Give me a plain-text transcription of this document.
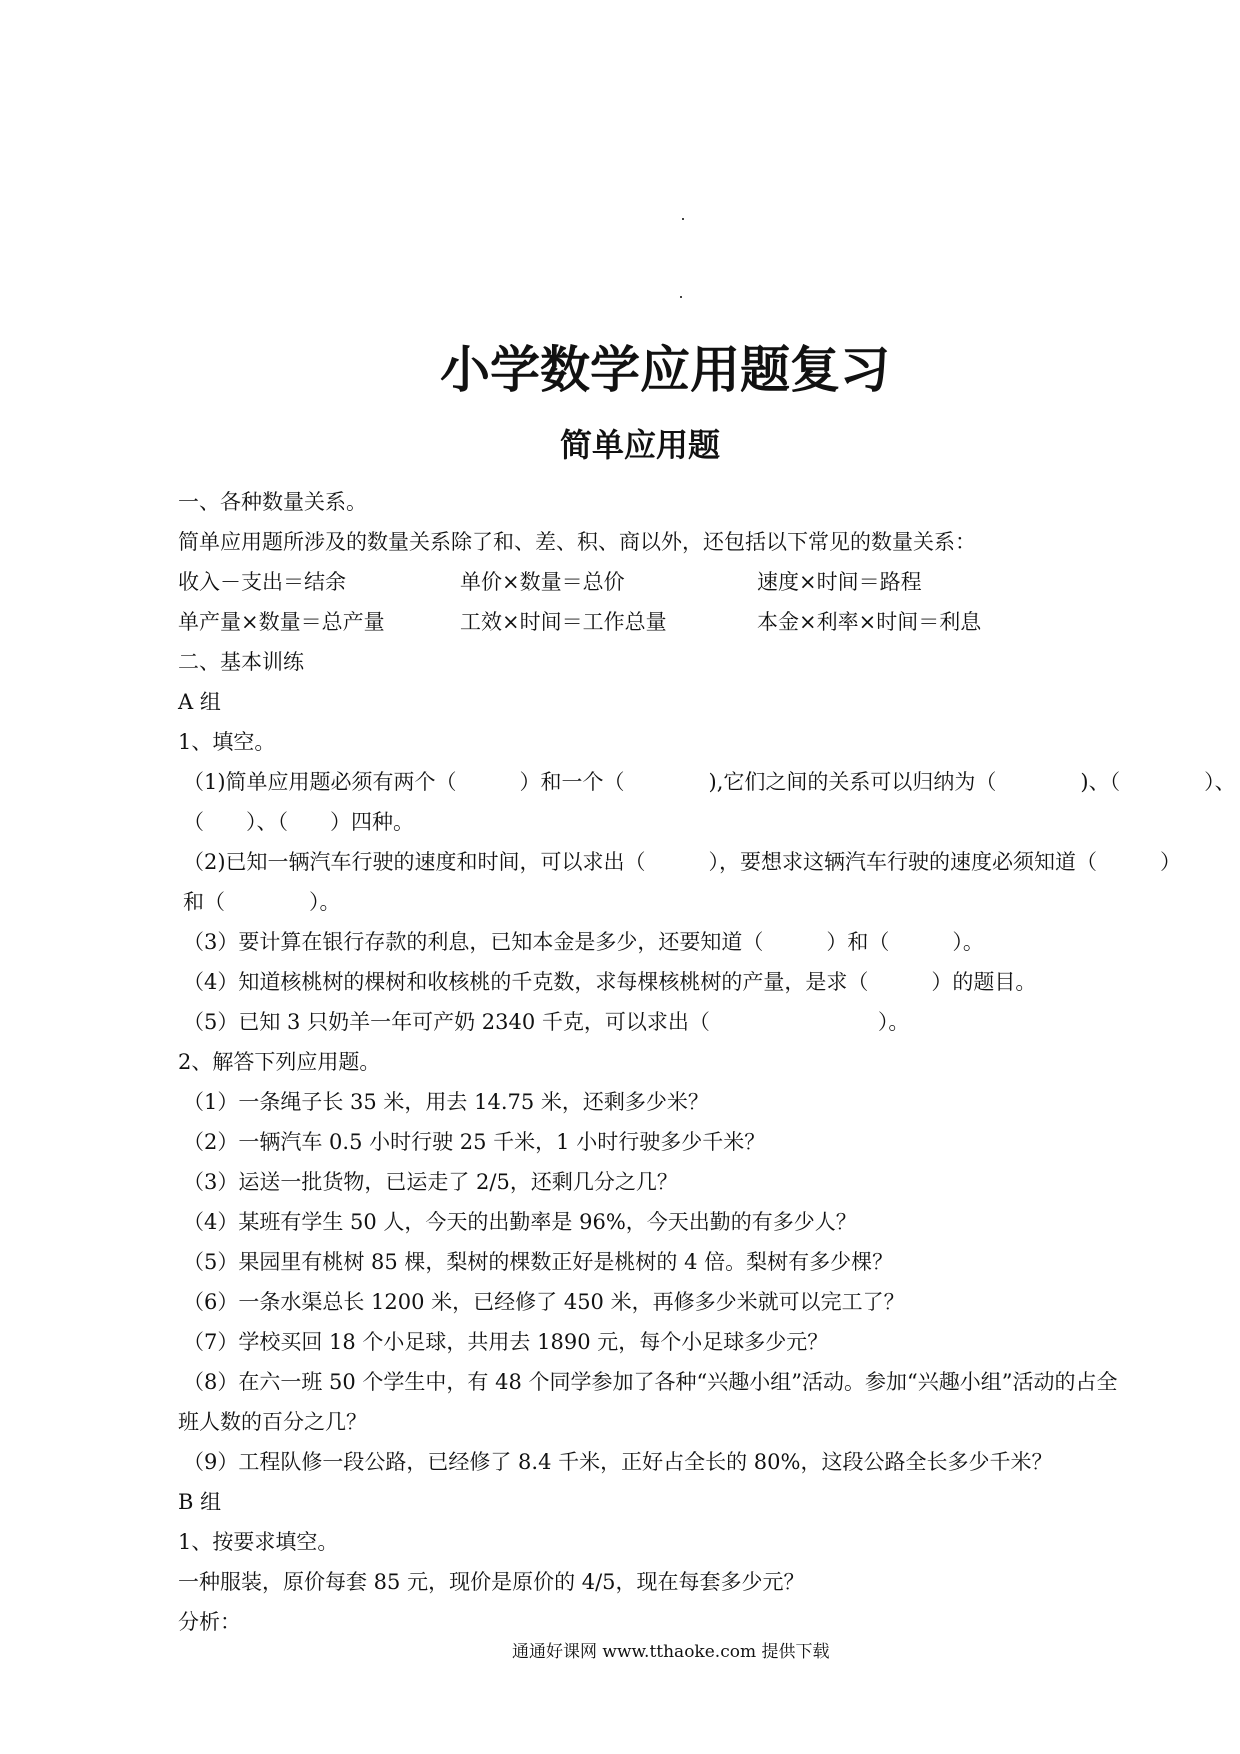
小学数学应用题复习
简单应用题
一、各种数量关系。
简单应用题所涉及的数量关系除了和、差、积、商以外，还包括以下常见的数量关系：
收入－支出＝结余	单价×数量＝总价	速度×时间＝路程
单产量×数量＝总产量	工效×时间＝工作总量	本金×利率×时间＝利息
二、基本训练
A 组
1、填空。
（1)简单应用题必须有两个（　　　）和一个（　　　　),它们之间的关系可以归纳为（　　　　)、（　　　　）、
（　　）、（　　）四种。
（2)已知一辆汽车行驶的速度和时间，可以求出（　　　），要想求这辆汽车行驶的速度必须知道（　　　）
和（　　　　）。
（3）要计算在银行存款的利息，已知本金是多少，还要知道（　　　）和（　　　）。
（4）知道核桃树的棵树和收核桃的千克数，求每棵核桃树的产量，是求（　　　）的题目。
（5）已知 3 只奶羊一年可产奶 2340 千克，可以求出（　　　　　　　　）。
2、解答下列应用题。
（1）一条绳子长 35 米，用去 14.75 米，还剩多少米？
（2）一辆汽车 0.5 小时行驶 25 千米，1 小时行驶多少千米？
（3）运送一批货物，已运走了 2/5，还剩几分之几？
（4）某班有学生 50 人，今天的出勤率是 96%，今天出勤的有多少人？
（5）果园里有桃树 85 棵，梨树的棵数正好是桃树的 4 倍。梨树有多少棵？
（6）一条水渠总长 1200 米，已经修了 450 米，再修多少米就可以完工了？
（7）学校买回 18 个小足球，共用去 1890 元，每个小足球多少元？
（8）在六一班 50 个学生中，有 48 个同学参加了各种“兴趣小组”活动。参加“兴趣小组”活动的占全
班人数的百分之几？
（9）工程队修一段公路，已经修了 8.4 千米，正好占全长的 80%，这段公路全长多少千米？
B 组
1、按要求填空。
一种服装，原价每套 85 元，现价是原价的 4/5，现在每套多少元？
分析：
通通好课网 www.tthaoke.com 提供下载
